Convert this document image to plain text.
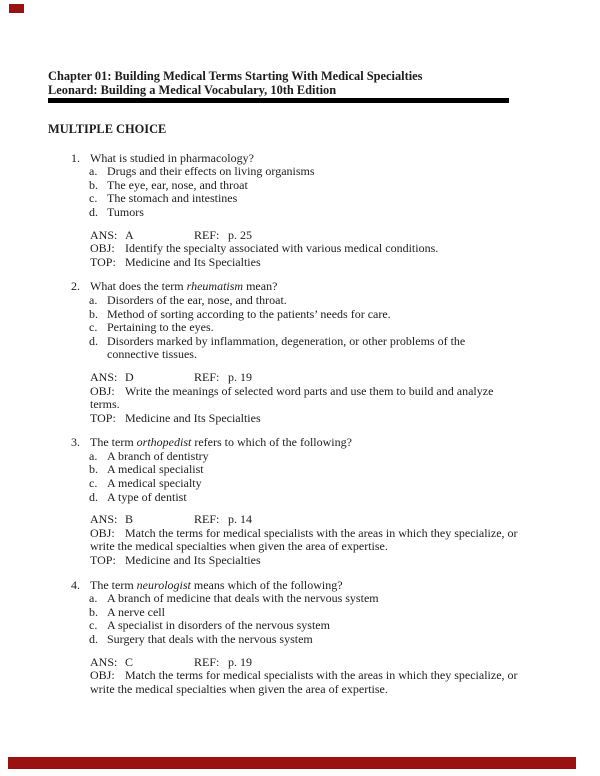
Chapter 01: Building Medical Terms Starting With Medical Specialties
Leonard: Building a Medical Vocabulary, 10th Edition
MULTIPLE CHOICE
1. What is studied in pharmacology?
a. Drugs and their effects on living organisms
b. The eye, ear, nose, and throat
c. The stomach and intestines
d. Tumors
ANS: A	REF: p. 25
OBJ: Identify the specialty associated with various medical conditions.
TOP: Medicine and Its Specialties
2. What does the term rheumatism mean?
a. Disorders of the ear, nose, and throat.
b. Method of sorting according to the patients’ needs for care.
c. Pertaining to the eyes.
d. Disorders marked by inflammation, degeneration, or other problems of the
connective tissues.
ANS: D	REF: p. 19
OBJ: Write the meanings of selected word parts and use them to build and analyze
terms.
TOP: Medicine and Its Specialties
3. The term orthopedist refers to which of the following?
a. A branch of dentistry
b. A medical specialist
c. A medical specialty
d. A type of dentist
ANS: B	REF: p. 14
OBJ: Match the terms for medical specialists with the areas in which they specialize, or
write the medical specialties when given the area of expertise.
TOP: Medicine and Its Specialties
4. The term neurologist means which of the following?
a. A branch of medicine that deals with the nervous system
b. A nerve cell
c. A specialist in disorders of the nervous system
d. Surgery that deals with the nervous system
ANS: C	REF: p. 19
OBJ: Match the terms for medical specialists with the areas in which they specialize, or
write the medical specialties when given the area of expertise.
